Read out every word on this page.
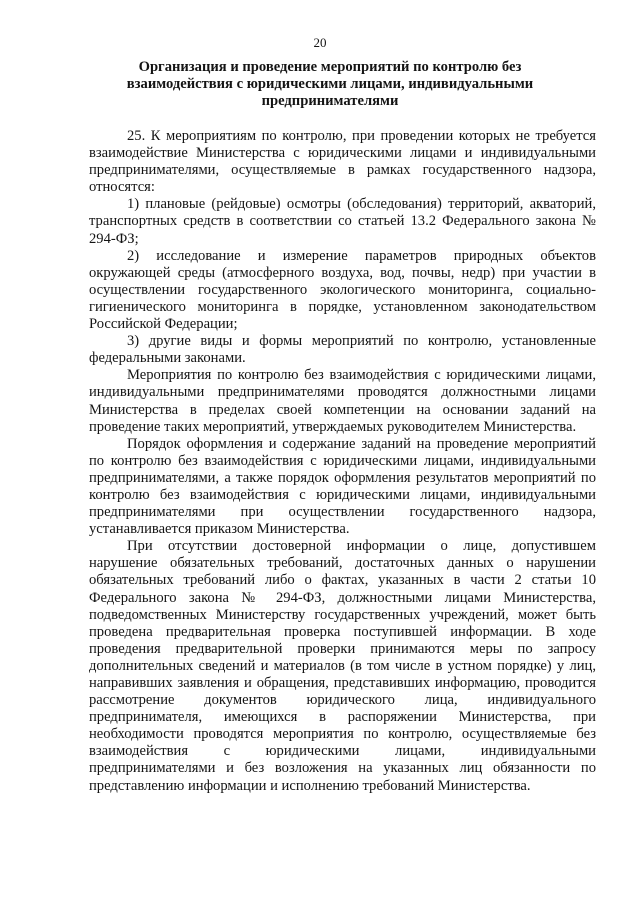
20
Организация и проведение мероприятий по контролю без
взаимодействия с юридическими лицами, индивидуальными
предпринимателями

25. К мероприятиям по контролю, при проведении которых не требуется взаимодействие Министерства с юридическими лицами и индивидуальными предпринимателями, осуществляемые в рамках государственного надзора, относятся:

1) плановые (рейдовые) осмотры (обследования) территорий, акваторий, транспортных средств в соответствии со статьей 13.2 Федерального закона № 294-ФЗ;

2) исследование и измерение параметров природных объектов окружающей среды (атмосферного воздуха, вод, почвы, недр) при участии в осуществлении государственного экологического мониторинга, социально-гигиенического мониторинга в порядке, установленном законодательством Российской Федерации;

3) другие виды и формы мероприятий по контролю, установленные федеральными законами.

Мероприятия по контролю без взаимодействия с юридическими лицами, индивидуальными предпринимателями проводятся должностными лицами Министерства в пределах своей компетенции на основании заданий на проведение таких мероприятий, утверждаемых руководителем Министерства.

Порядок оформления и содержание заданий на проведение мероприятий по контролю без взаимодействия с юридическими лицами, индивидуальными предпринимателями, а также порядок оформления результатов мероприятий по контролю без взаимодействия с юридическими лицами, индивидуальными предпринимателями при осуществлении государственного надзора, устанавливается приказом Министерства.

При отсутствии достоверной информации о лице, допустившем нарушение обязательных требований, достаточных данных о нарушении обязательных требований либо о фактах, указанных в части 2 статьи 10 Федерального закона № 294-ФЗ, должностными лицами Министерства, подведомственных Министерству государственных учреждений, может быть проведена предварительная проверка поступившей информации. В ходе проведения предварительной проверки принимаются меры по запросу дополнительных сведений и материалов (в том числе в устном порядке) у лиц, направивших заявления и обращения, представивших информацию, проводится рассмотрение документов юридического лица, индивидуального предпринимателя, имеющихся в распоряжении Министерства, при необходимости проводятся мероприятия по контролю, осуществляемые без взаимодействия с юридическими лицами, индивидуальными предпринимателями и без возложения на указанных лиц обязанности по представлению информации и исполнению требований Министерства.
